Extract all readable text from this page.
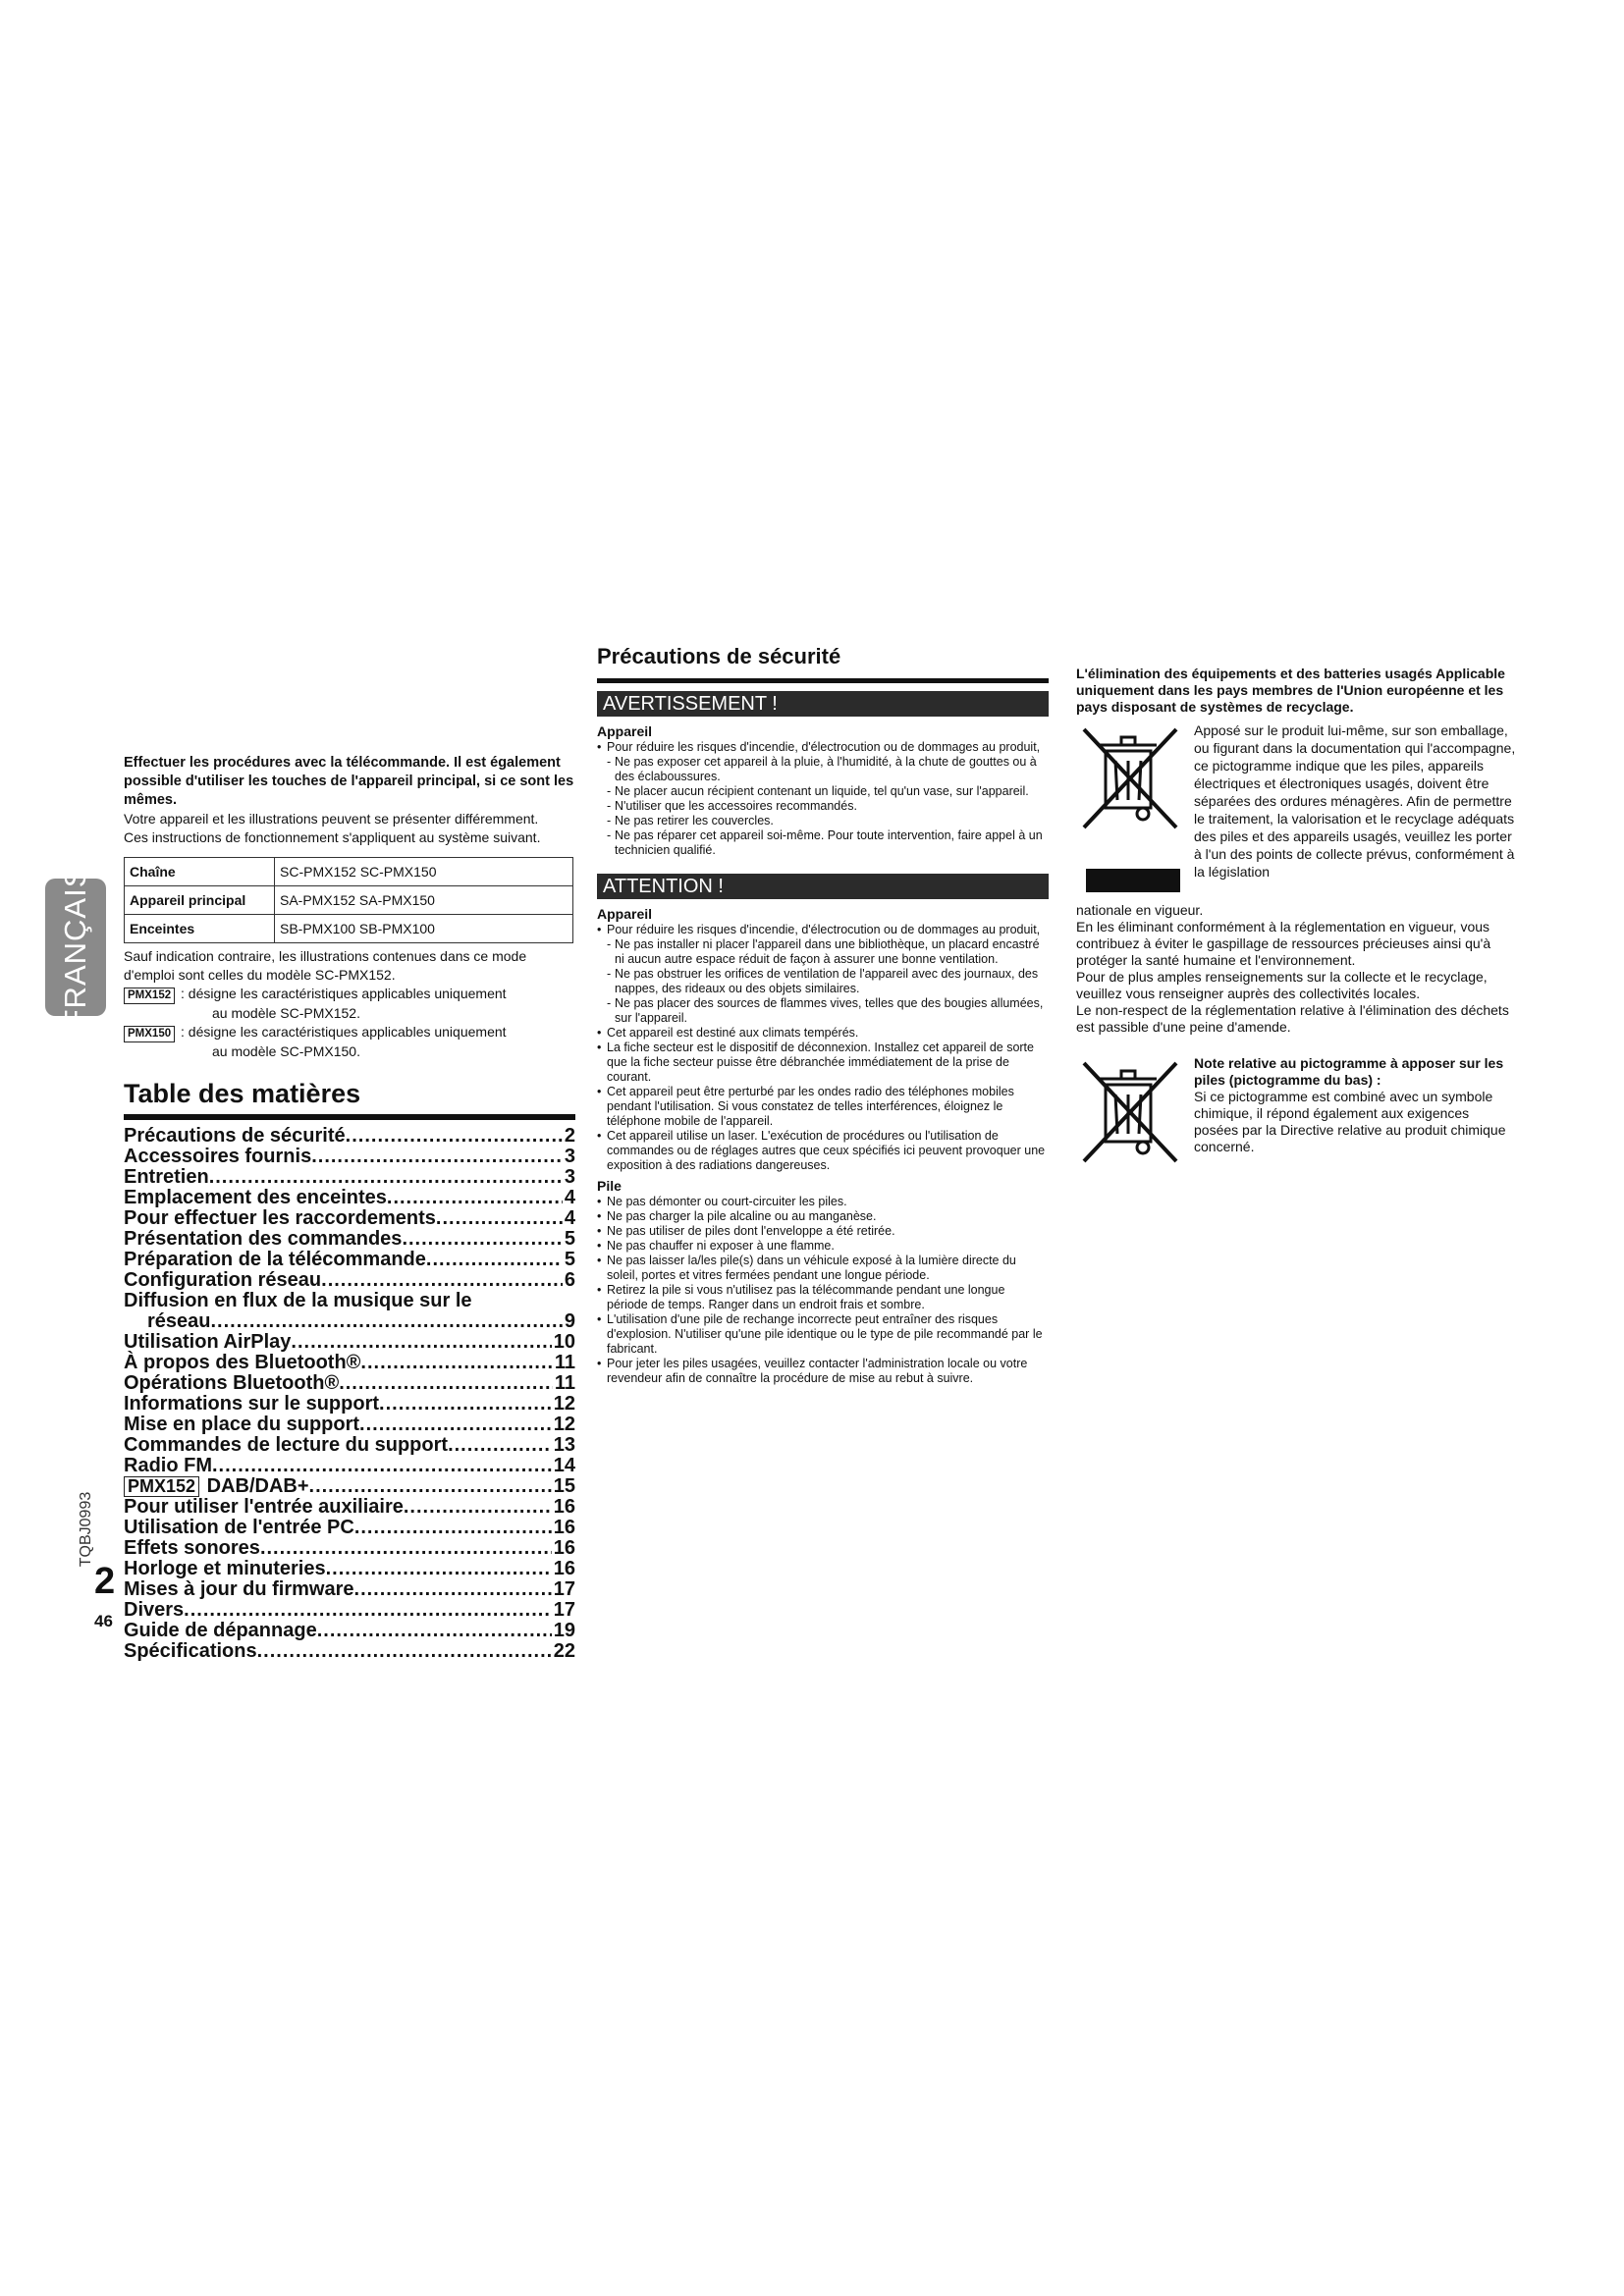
FRANÇAIS
TQBJ0993
2
46

Effectuer les procédures avec la télécommande. Il est également possible d'utiliser les touches de l'appareil principal, si ce sont les mêmes.

Votre appareil et les illustrations peuvent se présenter différemment.

Ces instructions de fonctionnement s'appliquent au système suivant.

Chaîne	SC-PMX152 SC-PMX150
Appareil principal	SA-PMX152 SA-PMX150
Enceintes	SB-PMX100 SB-PMX100

Sauf indication contraire, les illustrations contenues dans ce mode d'emploi sont celles du modèle SC-PMX152.

PMX152 : désigne les caractéristiques applicables uniquement

au modèle SC-PMX152.

PMX150 : désigne les caractéristiques applicables uniquement

au modèle SC-PMX150.

Table des matières
Précautions de sécurité .....	2
Accessoires fournis .....	3
Entretien .....	3
Emplacement des enceintes .....	4
Pour effectuer les raccordements .....	4
Présentation des commandes .....	5
Préparation de la télécommande .....	5
Configuration réseau .....	6
Diffusion en flux de la musique sur le
réseau .....	9
Utilisation AirPlay .....	10
À propos des Bluetooth® .....	11
Opérations Bluetooth® .....	11
Informations sur le support .....	12
Mise en place du support .....	12
Commandes de lecture du support .....	13
Radio FM .....	14
PMX152 DAB/DAB+ .....	15
Pour utiliser l'entrée auxiliaire .....	16
Utilisation de l'entrée PC .....	16
Effets sonores .....	16
Horloge et minuteries .....	16
Mises à jour du firmware .....	17
Divers .....	17
Guide de dépannage .....	19
Spécifications .....	22
Précautions de sécurité
AVERTISSEMENT !
Appareil
• Pour réduire les risques d'incendie, d'électrocution ou de dommages au produit,
- Ne pas exposer cet appareil à la pluie, à l'humidité, à la chute de gouttes ou à des éclaboussures.
- Ne placer aucun récipient contenant un liquide, tel qu'un vase, sur l'appareil.
- N'utiliser que les accessoires recommandés.
- Ne pas retirer les couvercles.
- Ne pas réparer cet appareil soi-même. Pour toute intervention, faire appel à un technicien qualifié.
ATTENTION !
Appareil
• Pour réduire les risques d'incendie, d'électrocution ou de dommages au produit,
- Ne pas installer ni placer l'appareil dans une bibliothèque, un placard encastré ni aucun autre espace réduit de façon à assurer une bonne ventilation.
- Ne pas obstruer les orifices de ventilation de l'appareil avec des journaux, des nappes, des rideaux ou des objets similaires.
- Ne pas placer des sources de flammes vives, telles que des bougies allumées, sur l'appareil.
• Cet appareil est destiné aux climats tempérés.
• La fiche secteur est le dispositif de déconnexion. Installez cet appareil de sorte que la fiche secteur puisse être débranchée immédiatement de la prise de courant.
• Cet appareil peut être perturbé par les ondes radio des téléphones mobiles pendant l'utilisation. Si vous constatez de telles interférences, éloignez le téléphone mobile de l'appareil.
• Cet appareil utilise un laser. L'exécution de procédures ou l'utilisation de commandes ou de réglages autres que ceux spécifiés ici peuvent provoquer une exposition à des radiations dangereuses.
Pile
• Ne pas démonter ou court-circuiter les piles.
• Ne pas charger la pile alcaline ou au manganèse.
• Ne pas utiliser de piles dont l'enveloppe a été retirée.
• Ne pas chauffer ni exposer à une flamme.
• Ne pas laisser la/les pile(s) dans un véhicule exposé à la lumière directe du soleil, portes et vitres fermées pendant une longue période.
• Retirez la pile si vous n'utilisez pas la télécommande pendant une longue période de temps. Ranger dans un endroit frais et sombre.
• L'utilisation d'une pile de rechange incorrecte peut entraîner des risques d'explosion. N'utiliser qu'une pile identique ou le type de pile recommandé par le fabricant.
• Pour jeter les piles usagées, veuillez contacter l'administration locale ou votre revendeur afin de connaître la procédure de mise au rebut à suivre.

L'élimination des équipements et des batteries usagés Applicable uniquement dans les pays membres de l'Union européenne et les pays disposant de systèmes de recyclage.

Apposé sur le produit lui-même, sur son emballage, ou figurant dans la documentation qui l'accompagne, ce pictogramme indique que les piles, appareils électriques et électroniques usagés, doivent être séparées des ordures ménagères. Afin de permettre le traitement, la valorisation et le recyclage adéquats des piles et des appareils usagés, veuillez les porter à l'un des points de collecte prévus, conformément à la législation

nationale en vigueur.

En les éliminant conformément à la réglementation en vigueur, vous contribuez à éviter le gaspillage de ressources précieuses ainsi qu'à protéger la santé humaine et l'environnement.

Pour de plus amples renseignements sur la collecte et le recyclage, veuillez vous renseigner auprès des collectivités locales.

Le non-respect de la réglementation relative à l'élimination des déchets est passible d'une peine d'amende.

Note relative au pictogramme à apposer sur les piles (pictogramme du bas) :

Si ce pictogramme est combiné avec un symbole chimique, il répond également aux exigences posées par la Directive relative au produit chimique concerné.
